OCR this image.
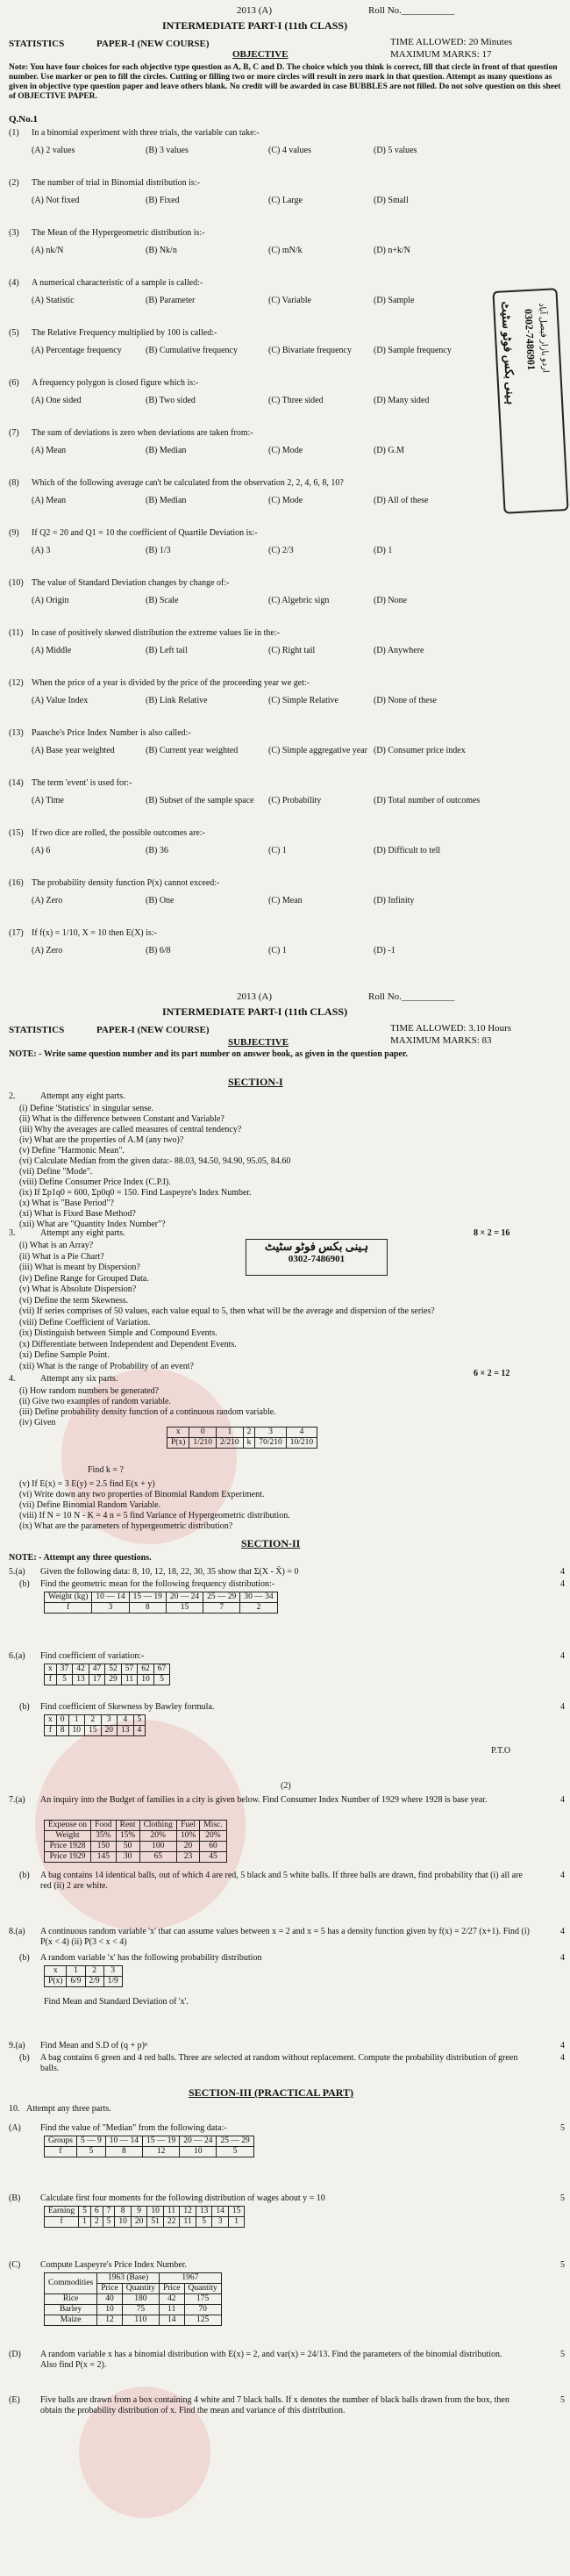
2013 (A)	Roll No.___________
INTERMEDIATE PART-I (11th CLASS)
STATISTICS	PAPER-I (NEW COURSE)
OBJECTIVE
TIME ALLOWED: 20 Minutes
MAXIMUM MARKS: 17
Note: You have four choices for each objective type question as A, B, C and D. The choice which you think is correct, fill that circle in front of that question number. Use marker or pen to fill the circles. Cutting or filling two or more circles will result in zero mark in that question. Attempt as many questions as given in objective type question paper and leave others blank. No credit will be awarded in case BUBBLES are not filled. Do not solve question on this sheet of OBJECTIVE PAPER.
Q.No.1
(1) In a binomial experiment with three trials, the variable can take:-
(A) 2 values	(B) 3 values	(C) 4 values	(D) 5 values
(2) The number of trial in Binomial distribution is:-
(A) Not fixed	(B) Fixed	(C) Large	(D) Small
(3) The Mean of the Hypergeometric distribution is:-
(A) nk/N	(B) Nk/n	(C) mN/k	(D) n+k/N
(4) A numerical characteristic of a sample is called:-
(A) Statistic	(B) Parameter	(C) Variable	(D) Sample
(5) The Relative Frequency multiplied by 100 is called:-
(A) Percentage frequency	(B) Cumulative frequency	(C) Bivariate frequency	(D) Sample frequency
(6) A frequency polygon is closed figure which is:-
(A) One sided	(B) Two sided	(C) Three sided	(D) Many sided
(7) The sum of deviations is zero when deviations are taken from:-
(A) Mean	(B) Median	(C) Mode	(D) G.M
(8) Which of the following average can't be calculated from the observation 2, 2, 4, 6, 8, 10?
(A) Mean	(B) Median	(C) Mode	(D) All of these
(9) If Q2 = 20 and Q1 = 10 the coefficient of Quartile Deviation is:-
(A) 3	(B) 1/3	(C) 2/3	(D) 1
(10) The value of Standard Deviation changes by change of:-
(A) Origin	(B) Scale	(C) Algebric sign	(D) None
(11) In case of positively skewed distribution the extreme values lie in the:-
(A) Middle	(B) Left tail	(C) Right tail	(D) Anywhere
(12) When the price of a year is divided by the price of the proceeding year we get:-
(A) Value Index	(B) Link Relative	(C) Simple Relative	(D) None of these
(13) Paasche's Price Index Number is also called:-
(A) Base year weighted	(B) Current year weighted	(C) Simple aggregative year (D) Consumer price index
(14) The term 'event' is used for:-
(A) Time	(B) Subset of the sample space (C) Probability	(D) Total number of outcomes
(15) If two dice are rolled, the possible outcomes are:-
(A) 6	(B) 36	(C) 1	(D) Difficult to tell
(16) The probability density function P(x) cannot exceed:-
(A) Zero	(B) One	(C) Mean	(D) Infinity
(17) If f(x) = 1/10, X = 10 then E(X) is:-
(A) Zero	(B) 6/8	(C) 1	(D) -1
ہینی بکس فوٹو سٹیٹ 0302-7486901 اردو بازار فیصل آباد
2013 (A)	Roll No.___________
INTERMEDIATE PART-I (11th CLASS)
STATISTICS	PAPER-I (NEW COURSE)
SUBJECTIVE
TIME ALLOWED: 3.10 Hours
MAXIMUM MARKS: 83
NOTE: - Write same question number and its part number on answer book, as given in the question paper.
SECTION-I
2.	Attempt any eight parts.
(i) Define 'Statistics' in singular sense.
(ii) What is the difference between Constant and Variable?
(iii) Why the averages are called measures of central tendency?
(iv) What are the properties of A.M (any two)?
(v) Define "Harmonic Mean".
(vi) Calculate Median from the given data:- 88.03, 94.50, 94.90, 95.05, 84.60
(vii) Define "Mode".
(viii) Define Consumer Price Index (C.P.I).
(ix) If Σp1q0 = 600, Σp0q0 = 150. Find Laspeyre's Index Number.
(x) What is "Base Period"?
(xi) What is Fixed Base Method?
(xii) What are "Quantity Index Number"?
3.	Attempt any eight parts.	8 × 2 = 16
(i) What is an Array?
(ii) What is a Pie Chart?
(iii) What is meant by Dispersion?
(iv) Define Range for Grouped Data.
(v) What is Absolute Dispersion?
(vi) Define the term Skewness.
(vii) If series comprises of 50 values, each value equal to 5, then what will be the average and dispersion of the series?
(viii) Define Coefficient of Variation.
(ix) Distinguish between Simple and Compound Events.
(x) Differentiate between Independent and Dependent Events.
(xi) Define Sample Point.
(xii) What is the range of Probability of an event?
ہینی بکس فوٹو سٹیٹ
0302-7486901
4.	Attempt any six parts.
6 × 2 = 12
(i) How random numbers be generated?
(ii) Give two examples of random variable.
(iii) Define probability density function of a continuous random variable.
(iv) Given
x	0	1	2	3	4
P(x)	1/210	2/210	k	70/210	10/210
Find k = ?
(v) If E(x) = 3 E(y) = 2.5 find E(x + y)
(vi) Write down any two properties of Binomial Random Experiment.
(vii) Define Binomial Random Variable.
(viii) If N = 10 N - K = 4 n = 5 find Variance of Hypergeometric distribution.
(ix) What are the parameters of hypergeometric distribution?
SECTION-II
NOTE: - Attempt any three questions.
5.(a) Given the following data: 8, 10, 12, 18, 22, 30, 35 show that Σ(X - X̄) = 0	4
(b) Find the geometric mean for the following frequency distribution:-	4
Weight (kg)	10 — 14	15 — 19	20 — 24	25 — 29	30 — 34
f	3	8	15	7	2
6.(a) Find coefficient of variation:-	4
x	37	42	47	52	57	62	67
f	5	13	17	29	11	10	5
(b) Find coefficient of Skewness by Bawley formula.	4
x	0	1	2	3	4	5
f	8	10	15	20	13	4
P.T.O
(2)
7.(a) An inquiry into the Budget of families in a city is given below. Find Consumer Index Number of 1929 where 1928 is base year.	4
Expense on	Food	Rent	Clothing	Fuel	Misc.
Weight	35%	15%	20%	10%	20%
Price 1928	150	50	100	20	60
Price 1929	145	30	65	23	45
(b) A bag contains 14 identical balls, out of which 4 are red, 5 black and 5 white balls. If three balls are drawn, find probability that (i) all are red (ii) 2 are white.
4
8.(a) A continuous random variable 'x' that can assume values between x = 2 and x = 5 has a density function given by f(x) = 2/27 (x+1). Find (i) P(x < 4) (ii) P(3 < x < 4)
4
(b) A random variable 'x' has the following probability distribution	4
x	1	2	3
P(x)	6/9	2/9	1/9
Find Mean and Standard Deviation of 'x'.
9.(a) Find Mean and S.D of (q + p)ⁿ	4
(b) A bag contains 6 green and 4 red balls. Three are selected at random without replacement. Compute the probability distribution of green balls.
4
SECTION-III (PRACTICAL PART)
10. Attempt any three parts.
(A) Find the value of "Median" from the following data:-	5
Groups	5 — 9	10 — 14	15 — 19	20 — 24	25 — 29
f	5	8	12	10	5
(B) Calculate first four moments for the following distribution of wages about y = 10	5
Earning	5	6	7	8	9	10	11	12	13	14	15
f	1	2	5	10	20	51	22	11	5	3	1
(C) Compute Laspeyre's Price Index Number.	5
Commodities	1963 (Base)		1967	
	Price	Quantity	Price	Quantity
Rice	40	180	42	175
Barley	10	75	11	70
Maize	12	110	14	125
(D) A random variable x has a binomial distribution with E(x) = 2, and var(x) = 24/13. Find the parameters of the binomial distribution. Also find P(x = 2).
5
(E) Five balls are drawn from a box containing 4 white and 7 black balls. If x denotes the number of black balls drawn from the box, then obtain the probability distribution of x. Find the mean and variance of this distribution.
5
